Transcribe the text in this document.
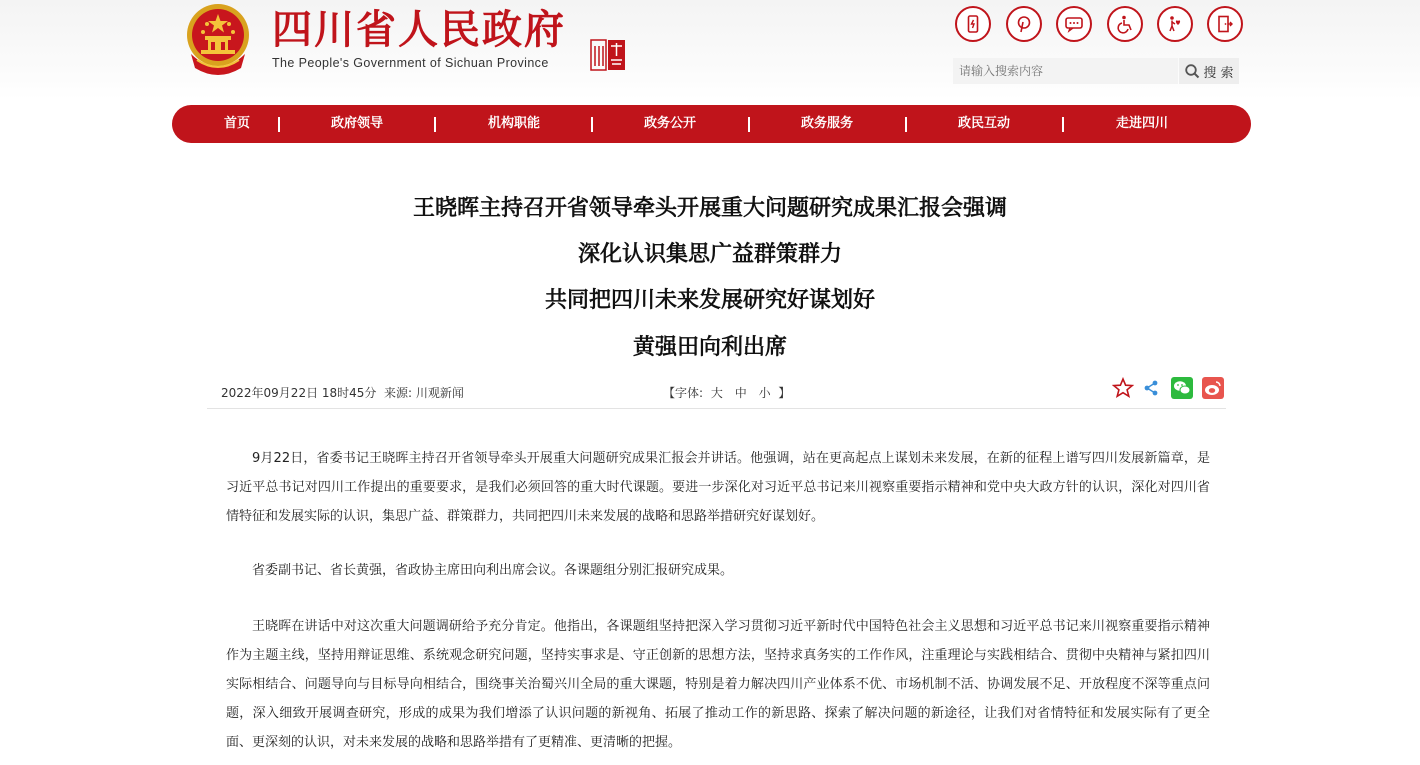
四川省人民政府
The People's Government of Sichuan Province
请输入搜索内容
搜 索
首页	政府领导	机构职能	政务公开	政务服务	政民互动	走进四川
王晓晖主持召开省领导牵头开展重大问题研究成果汇报会强调
深化认识集思广益群策群力
共同把四川未来发展研究好谋划好
黄强田向利出席
2022年09月22日 18时45分  来源: 川观新闻	【字体: 大 中 小 】
9月22日，省委书记王晓晖主持召开省领导牵头开展重大问题研究成果汇报会并讲话。他强调，站在更高起点上谋划未来发展，在新的征程上谱写四川发展新篇章，是习近平总书记对四川工作提出的重要要求，是我们必须回答的重大时代课题。要进一步深化对习近平总书记来川视察重要指示精神和党中央大政方针的认识，深化对四川省情特征和发展实际的认识，集思广益、群策群力，共同把四川未来发展的战略和思路举措研究好谋划好。
省委副书记、省长黄强，省政协主席田向利出席会议。各课题组分别汇报研究成果。
王晓晖在讲话中对这次重大问题调研给予充分肯定。他指出，各课题组坚持把深入学习贯彻习近平新时代中国特色社会主义思想和习近平总书记来川视察重要指示精神作为主题主线，坚持用辩证思维、系统观念研究问题，坚持实事求是、守正创新的思想方法，坚持求真务实的工作作风，注重理论与实践相结合、贯彻中央精神与紧扣四川实际相结合、问题导向与目标导向相结合，围绕事关治蜀兴川全局的重大课题，特别是着力解决四川产业体系不优、市场机制不活、协调发展不足、开放程度不深等重点问题，深入细致开展调查研究，形成的成果为我们增添了认识问题的新视角、拓展了推动工作的新思路、探索了解决问题的新途径，让我们对省情特征和发展实际有了更全面、更深刻的认识，对未来发展的战略和思路举措有了更精准、更清晰的把握。
